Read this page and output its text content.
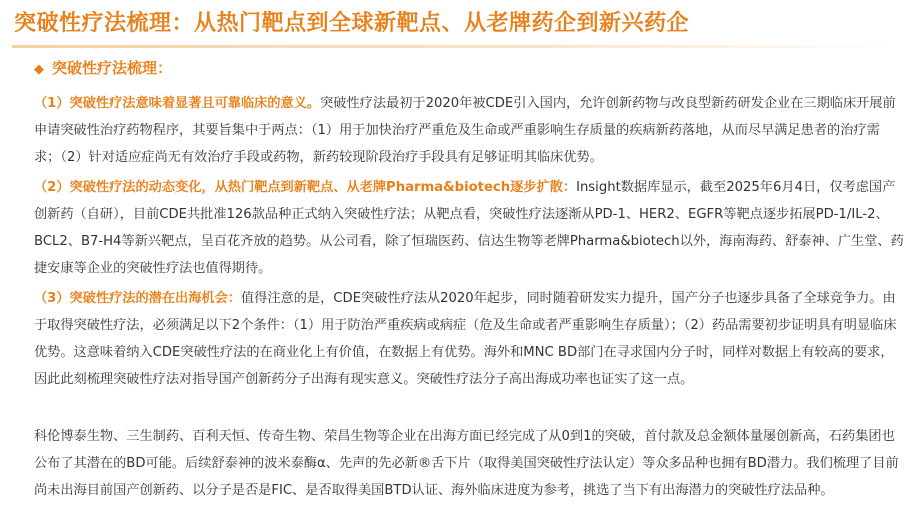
突破性疗法梳理：从热门靶点到全球新靶点、从老牌药企到新兴药企
◆ 突破性疗法梳理：
（1）突破性疗法意味着显著且可靠临床的意义。突破性疗法最初于2020年被CDE引入国内，允许创新药物与改良型新药研发企业在三期临床开展前申请突破性治疗药物程序，其要旨集中于两点：（1）用于加快治疗严重危及生命或严重影响生存质量的疾病新药落地，从而尽早满足患者的治疗需求；（2）针对适应症尚无有效治疗手段或药物，新药较现阶段治疗手段具有足够证明其临床优势。
（2）突破性疗法的动态变化，从热门靶点到新靶点、从老牌Pharma&biotech逐步扩散：Insight数据库显示，截至2025年6月4日，仅考虑国产创新药（自研），目前CDE共批准126款品种正式纳入突破性疗法；从靶点看，突破性疗法逐渐从PD-1、HER2、EGFR等靶点逐步拓展PD-1/IL-2、BCL2、B7-H4等新兴靶点，呈百花齐放的趋势。从公司看，除了恒瑞医药、信达生物等老牌Pharma&biotech以外，海南海药、舒泰神、广生堂、药捷安康等企业的突破性疗法也值得期待。
（3）突破性疗法的潜在出海机会：值得注意的是，CDE突破性疗法从2020年起步，同时随着研发实力提升，国产分子也逐步具备了全球竞争力。由于取得突破性疗法，必须满足以下2个条件：（1）用于防治严重疾病或病症（危及生命或者严重影响生存质量）；（2）药品需要初步证明具有明显临床优势。这意味着纳入CDE突破性疗法的在商业化上有价值，在数据上有优势。海外和MNC BD部门在寻求国内分子时，同样对数据上有较高的要求，因此此刻梳理突破性疗法对指导国产创新药分子出海有现实意义。突破性疗法分子高出海成功率也证实了这一点。
科伦博泰生物、三生制药、百利天恒、传奇生物、荣昌生物等企业在出海方面已经完成了从0到1的突破，首付款及总金额体量屡创新高，石药集团也公布了其潜在的BD可能。后续舒泰神的波米泰酶α、先声的先必新®舌下片（取得美国突破性疗法认定）等众多品种也拥有BD潜力。我们梳理了目前尚未出海目前国产创新药、以分子是否是FIC、是否取得美国BTD认证、海外临床进度为参考，挑选了当下有出海潜力的突破性疗法品种。
